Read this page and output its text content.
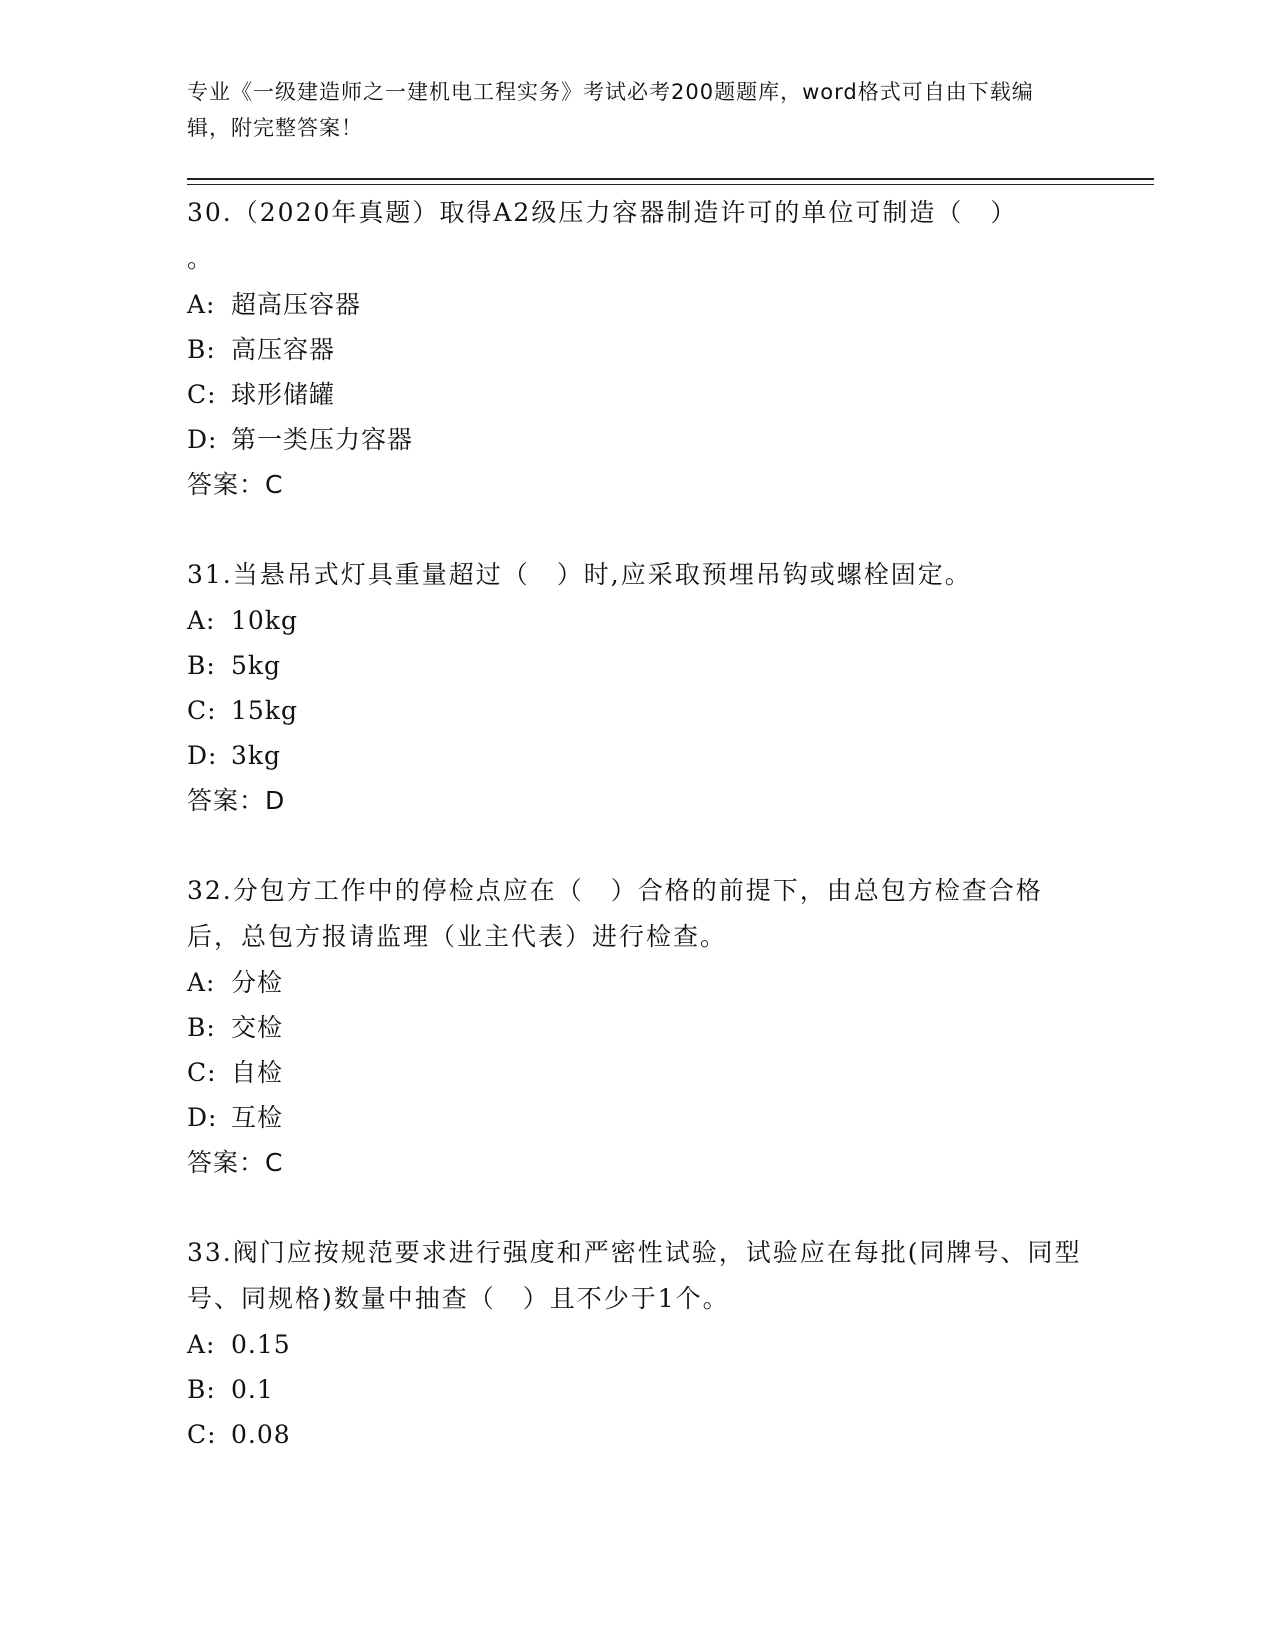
专业《一级建造师之一建机电工程实务》考试必考200题题库，word格式可自由下载编辑，附完整答案！
30.（2020年真题）取得A2级压力容器制造许可的单位可制造（　）
。
A: 超高压容器
B: 高压容器
C: 球形储罐
D: 第一类压力容器
答案：C
31.当悬吊式灯具重量超过（　）时,应采取预埋吊钩或螺栓固定。
A: 10kg
B: 5kg
C: 15kg
D: 3kg
答案：D
32.分包方工作中的停检点应在（　）合格的前提下，由总包方检查合格后，总包方报请监理（业主代表）进行检查。
A: 分检
B: 交检
C: 自检
D: 互检
答案：C
33.阀门应按规范要求进行强度和严密性试验，试验应在每批(同牌号、同型号、同规格)数量中抽查（　）且不少于1个。
A: 0.15
B: 0.1
C: 0.08
